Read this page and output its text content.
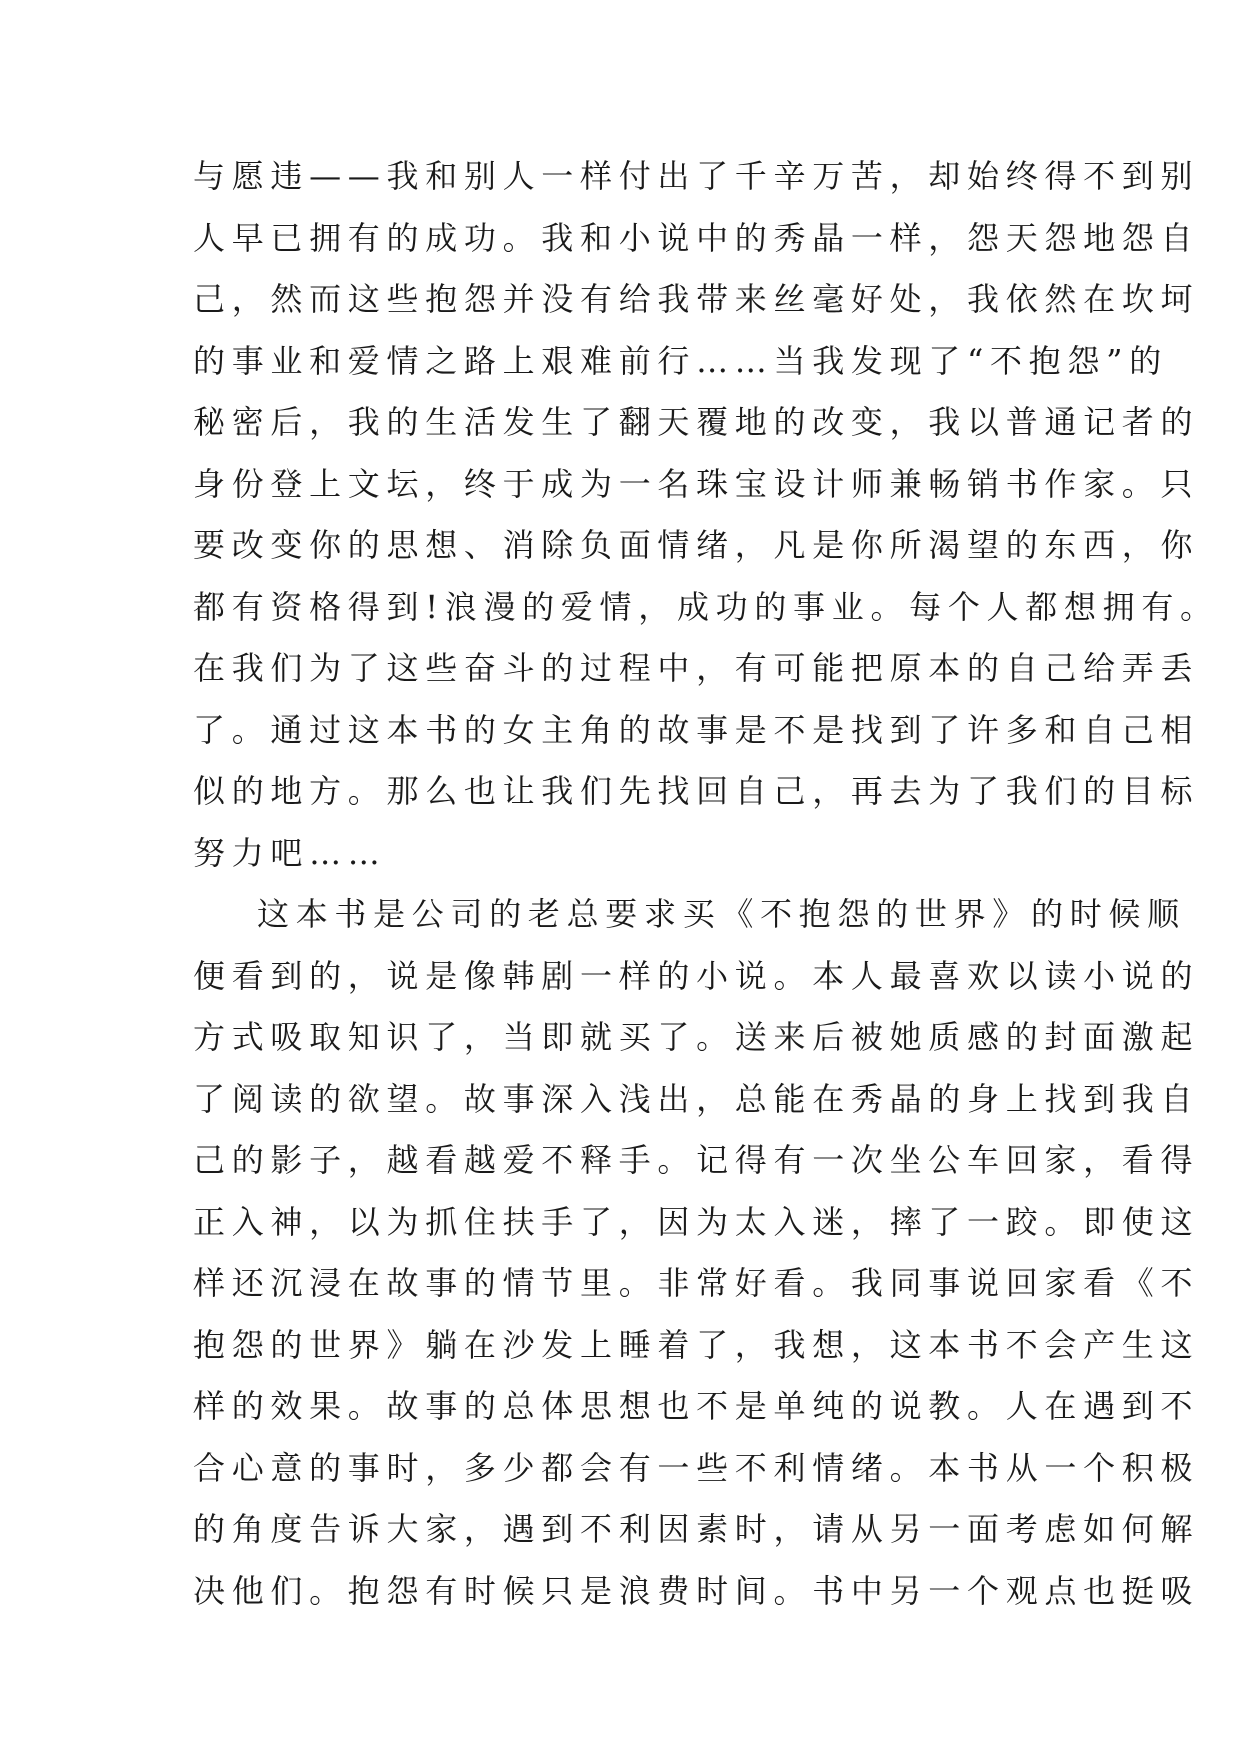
与愿违——我和别人一样付出了千辛万苦，却始终得不到别
人早已拥有的成功。我和小说中的秀晶一样，怨天怨地怨自
己，然而这些抱怨并没有给我带来丝毫好处，我依然在坎坷
的事业和爱情之路上艰难前行……当我发现了“不抱怨”的
秘密后，我的生活发生了翻天覆地的改变，我以普通记者的
身份登上文坛，终于成为一名珠宝设计师兼畅销书作家。只
要改变你的思想、消除负面情绪，凡是你所渴望的东西，你
都有资格得到!浪漫的爱情，成功的事业。每个人都想拥有。
在我们为了这些奋斗的过程中，有可能把原本的自己给弄丢
了。通过这本书的女主角的故事是不是找到了许多和自己相
似的地方。那么也让我们先找回自己，再去为了我们的目标
努力吧……
这本书是公司的老总要求买《不抱怨的世界》的时候顺
便看到的，说是像韩剧一样的小说。本人最喜欢以读小说的
方式吸取知识了，当即就买了。送来后被她质感的封面激起
了阅读的欲望。故事深入浅出，总能在秀晶的身上找到我自
己的影子，越看越爱不释手。记得有一次坐公车回家，看得
正入神，以为抓住扶手了，因为太入迷，摔了一跤。即使这
样还沉浸在故事的情节里。非常好看。我同事说回家看《不
抱怨的世界》躺在沙发上睡着了，我想，这本书不会产生这
样的效果。故事的总体思想也不是单纯的说教。人在遇到不
合心意的事时，多少都会有一些不利情绪。本书从一个积极
的角度告诉大家，遇到不利因素时，请从另一面考虑如何解
决他们。抱怨有时候只是浪费时间。书中另一个观点也挺吸
